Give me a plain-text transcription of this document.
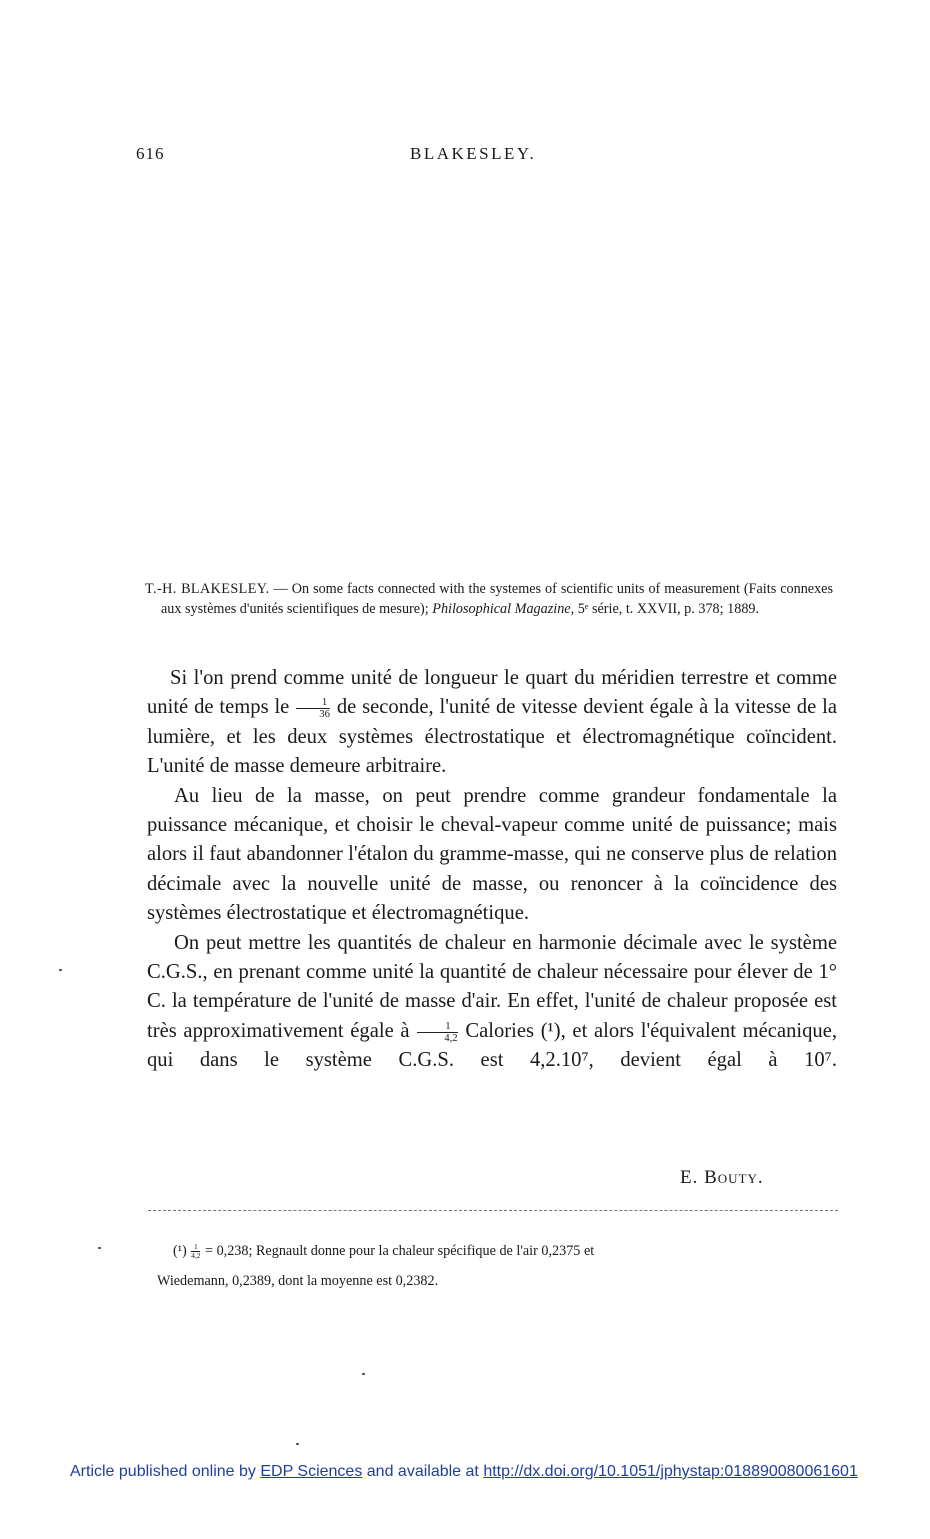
616	BLAKESLEY.

T.-H. BLAKESLEY. — On some facts connected with the systemes of scientific units of measurement (Faits connexes aux systèmes d'unités scientifiques de mesure); Philosophical Magazine, 5ᵉ série, t. XXVII, p. 378; 1889.

Si l'on prend comme unité de longueur le quart du méridien terrestre et comme unité de temps le $\frac{1}{36}$ de seconde, l'unité de vitesse devient égale à la vitesse de la lumière, et les deux systèmes électrostatique et électromagnétique coïncident. L'unité de masse demeure arbitraire.

Au lieu de la masse, on peut prendre comme grandeur fondamentale la puissance mécanique, et choisir le cheval-vapeur comme unité de puissance; mais alors il faut abandonner l'étalon du gramme-masse, qui ne conserve plus de relation décimale avec la nouvelle unité de masse, ou renoncer à la coïncidence des systèmes électrostatique et électromagnétique.

On peut mettre les quantités de chaleur en harmonie décimale avec le système C.G.S., en prenant comme unité la quantité de chaleur nécessaire pour élever de 1° C. la température de l'unité de masse d'air. En effet, l'unité de chaleur proposée est très approximativement égale à $\frac{1}{4,2}$ Calories (¹), et alors l'équivalent mécanique, qui dans le système C.G.S. est 4,2.10⁷, devient égal à 10⁷.

E. Bouty.

$(^1) \frac{1}{4,2} = 0,238$; Regnault donne pour la chaleur spécifique de l'air 0,2375 et

Wiedemann, 0,2389, dont la moyenne est 0,2382.

Article published online by EDP Sciences and available at http://dx.doi.org/10.1051/jphystap:018890080061601
